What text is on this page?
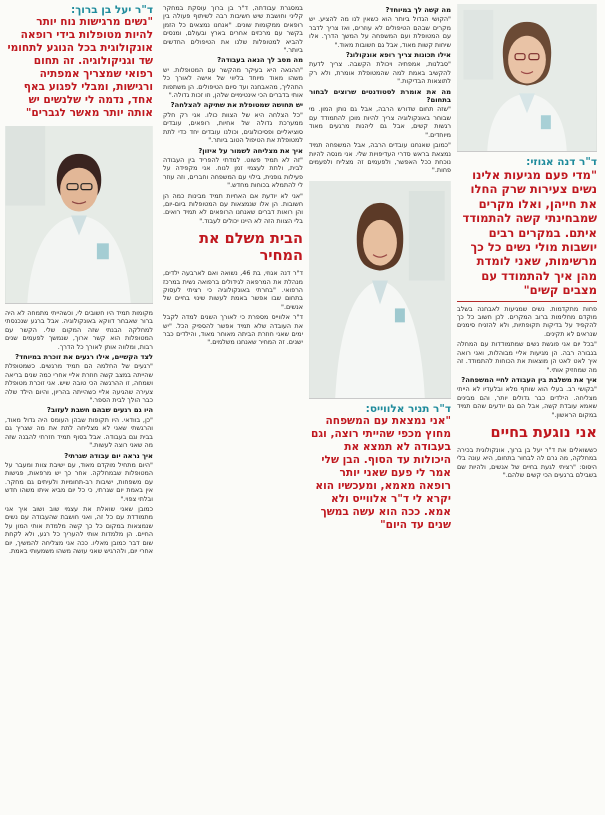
ד"ר דנה אגוזי:
"מדי פעם מגיעות אלינו נשים צעירות שרק החלו את חייהן, ואלו מקרים שמבחינתי קשה להתמודד איתם. במקרים רבים יושבות מולי נשים כל כך מרשימות, שאני לומדת מהן איך להתמודד עם מצבים קשים"

פחות מתקדמות. נשים שמגיעות לאבחנה בשלב מוקדם מחלימות ברוב המקרים. לכן חשוב כל כך להקפיד על בדיקות תקופתיות, ולא להזניח סימנים שנראים לא תקינים.

"בכל יום אני פוגשת נשים שמתמודדות עם המחלה בגבורה רבה. הן מגיעות אליי מבוהלות, ואני רואה איך לאט לאט הן מוצאות את הכוחות להתמודד. זה מה שמחזיק אותי."

איך את משלבת בין העבודה לחיי המשפחה?

"בקושי רב. בעלי הוא שותף מלא ובלעדיו לא הייתי מצליחה. הילדים כבר גדולים יותר, והם מבינים שאמא עובדת קשה, אבל הם גם יודעים שהם תמיד במקום הראשון."

אני נוגעת בחיים

כששואלים את ד"ר יעל בן ברוך, אונקולוגית בכירה במחלקה, מה גרם לה לבחור בתחום, היא עונה בלי היסוס: "רציתי לגעת בחיים של אנשים, ולהיות שם בשבילם ברגעים הכי קשים שלהם."

מה קשה לך במיוחד?

"הקושי הגדול ביותר הוא כשאין לנו מה להציע. יש מקרים שבהם הטיפולים לא עוזרים, ואז צריך לדבר עם המטופלת ועם המשפחה על המשך הדרך. אלו שיחות קשות מאוד, אבל גם חשובות מאוד."

אילו תכונות צריך רופא אונקולוג?

"סבלנות, אמפתיה ויכולת הקשבה. צריך לדעת להקשיב באמת למה שהמטופלת אומרת, ולא רק לתוצאות הבדיקות."

מה את אומרת לסטודנטים שרוצים לבחור בתחום?

"שזה תחום שדורש הרבה, אבל גם נותן המון. מי שבוחר באונקולוגיה צריך להיות מוכן להתמודד עם רגשות קשים, אבל גם ליהנות מרגעים מאוד מיוחדים."

"כמובן שאנחנו עובדים הרבה, אבל המשפחה תמיד נמצאת בראש סדרי העדיפויות שלי. אני מנסה להיות נוכחת ככל האפשר, ולפעמים זה מצליח ולפעמים פחות."

ד"ר תניר אלווייס:
"אני נמצאת עם המשפחה מחוץ מכפי שהייתי רוצה, וגם בעבודה לא תמצא את היכולות עד הסוף. הבן שלי אמר לי פעם שאני יותר רופאה מאמא, ומעכשיו הוא יקרא לי ד"ר אלווייס ולא אמא. ככה הוא עשה במשך שנים עד היום"

במסגרת עבודתה, ד"ר בן ברוך עוסקת במחקר קליני וחושבת שיש חשיבות רבה לשיתוף פעולה בין רופאים ממקומות שונים. "אנחנו נמצאים כל הזמן בקשר עם מרכזים אחרים בארץ ובעולם, ומנסים להביא למטופלות שלנו את הטיפולים החדשים ביותר."

מה מסב לך הנאה בעבודה?

"ההנאה היא בעיקר מהקשר עם המטופלות. יש משהו מאוד מיוחד בליווי של אישה לאורך כל התהליך, מהאבחנה ועד סיום הטיפולים. הן משתפות אותי בדברים הכי אינטימיים שלהן, וזו זכות גדולה."

יש תחושה שמטופלת את שתיקה להצלחה?

"כל הצלחה היא של הצוות כולו. אני רק חלק ממערכת גדולה של אחיות, רופאים, עובדים סוציאליים ופסיכולוגים, וכולנו עובדים יחד כדי לתת למטופלת את הטיפול הטוב ביותר."

איך את מצליחה לשמור על איזון?

"זה לא תמיד פשוט. למדתי להפריד בין העבודה לבית, ולתת לעצמי זמן לנוח. אני מקפידה על פעילות גופנית, בילוי עם המשפחה וחברים, וזה עוזר לי להתמלא בכוחות מחדש."

"אני לא יודעת אם האחיות תמיד מבינות כמה הן חשובות. הן אלו שנמצאות עם המטופלות ביום-יום, והן רואות דברים שאנחנו הרופאים לא תמיד רואים. בלי הצוות הזה לא היינו יכולים לעבוד."

הבית משלם את המחיר

ד"ר דנה אגוזי, בת 46, נשואה ואם לארבעה ילדים, מנהלת את המרפאה לגידולים ברפואה נשית במרכז הרפואי. "בחרתי באונקולוגיה כי רציתי לעסוק בתחום שבו אפשר באמת לעשות שינוי בחיים של אנשים."

ד"ר אלווייס מספרת כי לאורך השנים למדה לקבל את העובדה שלא תמיד אפשר להספיק הכל. "יש ימים שאני חוזרת הביתה מאוחר מאוד, והילדים כבר ישנים. זה המחיר שאנחנו משלמים."

ד"ר יעל בן ברוך:
"נשים מרגישות נוח יותר להיות מטופלות בידי רופאה אונקולוגית בכל הנוגע לתחומי שד וגניקולוגיה. זה תחום רפואי שמצריך אמפתיה ורגישות, ומבלי לפגוע באף אחד, נדמה לי שלנשים יש אותה יותר מאשר לגברים"

מקומות תמיד היו חשובים לי, וכשהייתי מתמחה לא היה ברור שאבחר דווקא באונקולוגיה. אבל ברגע שנכנסתי למחלקה הבנתי שזה המקום שלי. הקשר עם המטופלות הוא קשר ארוך, שנמשך לפעמים שנים רבות, ומלווה אותן לאורך כל הדרך.

לצד הקשיים, אילו רגעים את זוכרת במיוחד?

"רגעים של החלמה הם תמיד מרגשים. כשמטופלת שהייתה במצב קשה חוזרת אליי אחרי כמה שנים בריאה ושמחה, זו ההרגשה הכי טובה שיש. אני זוכרת מטופלת צעירה שהגיעה אליי כשהייתה בהריון, והיום הילד שלה כבר הולך לבית הספר."

היו גם רגעים שבהם חשבת לעזוב?

"כן, בוודאי. היו תקופות שבהן העומס היה גדול מאוד, והרגשתי שאני לא מצליחה לתת את מה שצריך גם בבית וגם בעבודה. אבל בסוף תמיד חזרתי להבנה שזה מה שאני רוצה לעשות."

איך נראה יום עבודה שגרתי?

"היום מתחיל מוקדם מאוד, עם ישיבת צוות ומעבר על המטופלות שבמחלקה. אחר כך יש מרפאות, פגישות עם משפחות, ישיבות רב-תחומיות ולעיתים גם מחקר. אין באמת יום שגרתי, כי כל יום מביא איתו משהו חדש ובלתי צפוי."

כמובן שאני שואלת את עצמי שוב ושוב איך אני מתמודדת עם כל זה, ואני חושבת שהעבודה עם נשים שנמצאות במקום כל כך קשה מלמדת אותי המון על החיים. הן מלמדות אותי להעריך כל רגע, ולא לקחת שום דבר כמובן מאליו. ככה אני מצליחה להמשיך, יום אחרי יום, ולהרגיש שאני עושה משהו משמעותי באמת.
